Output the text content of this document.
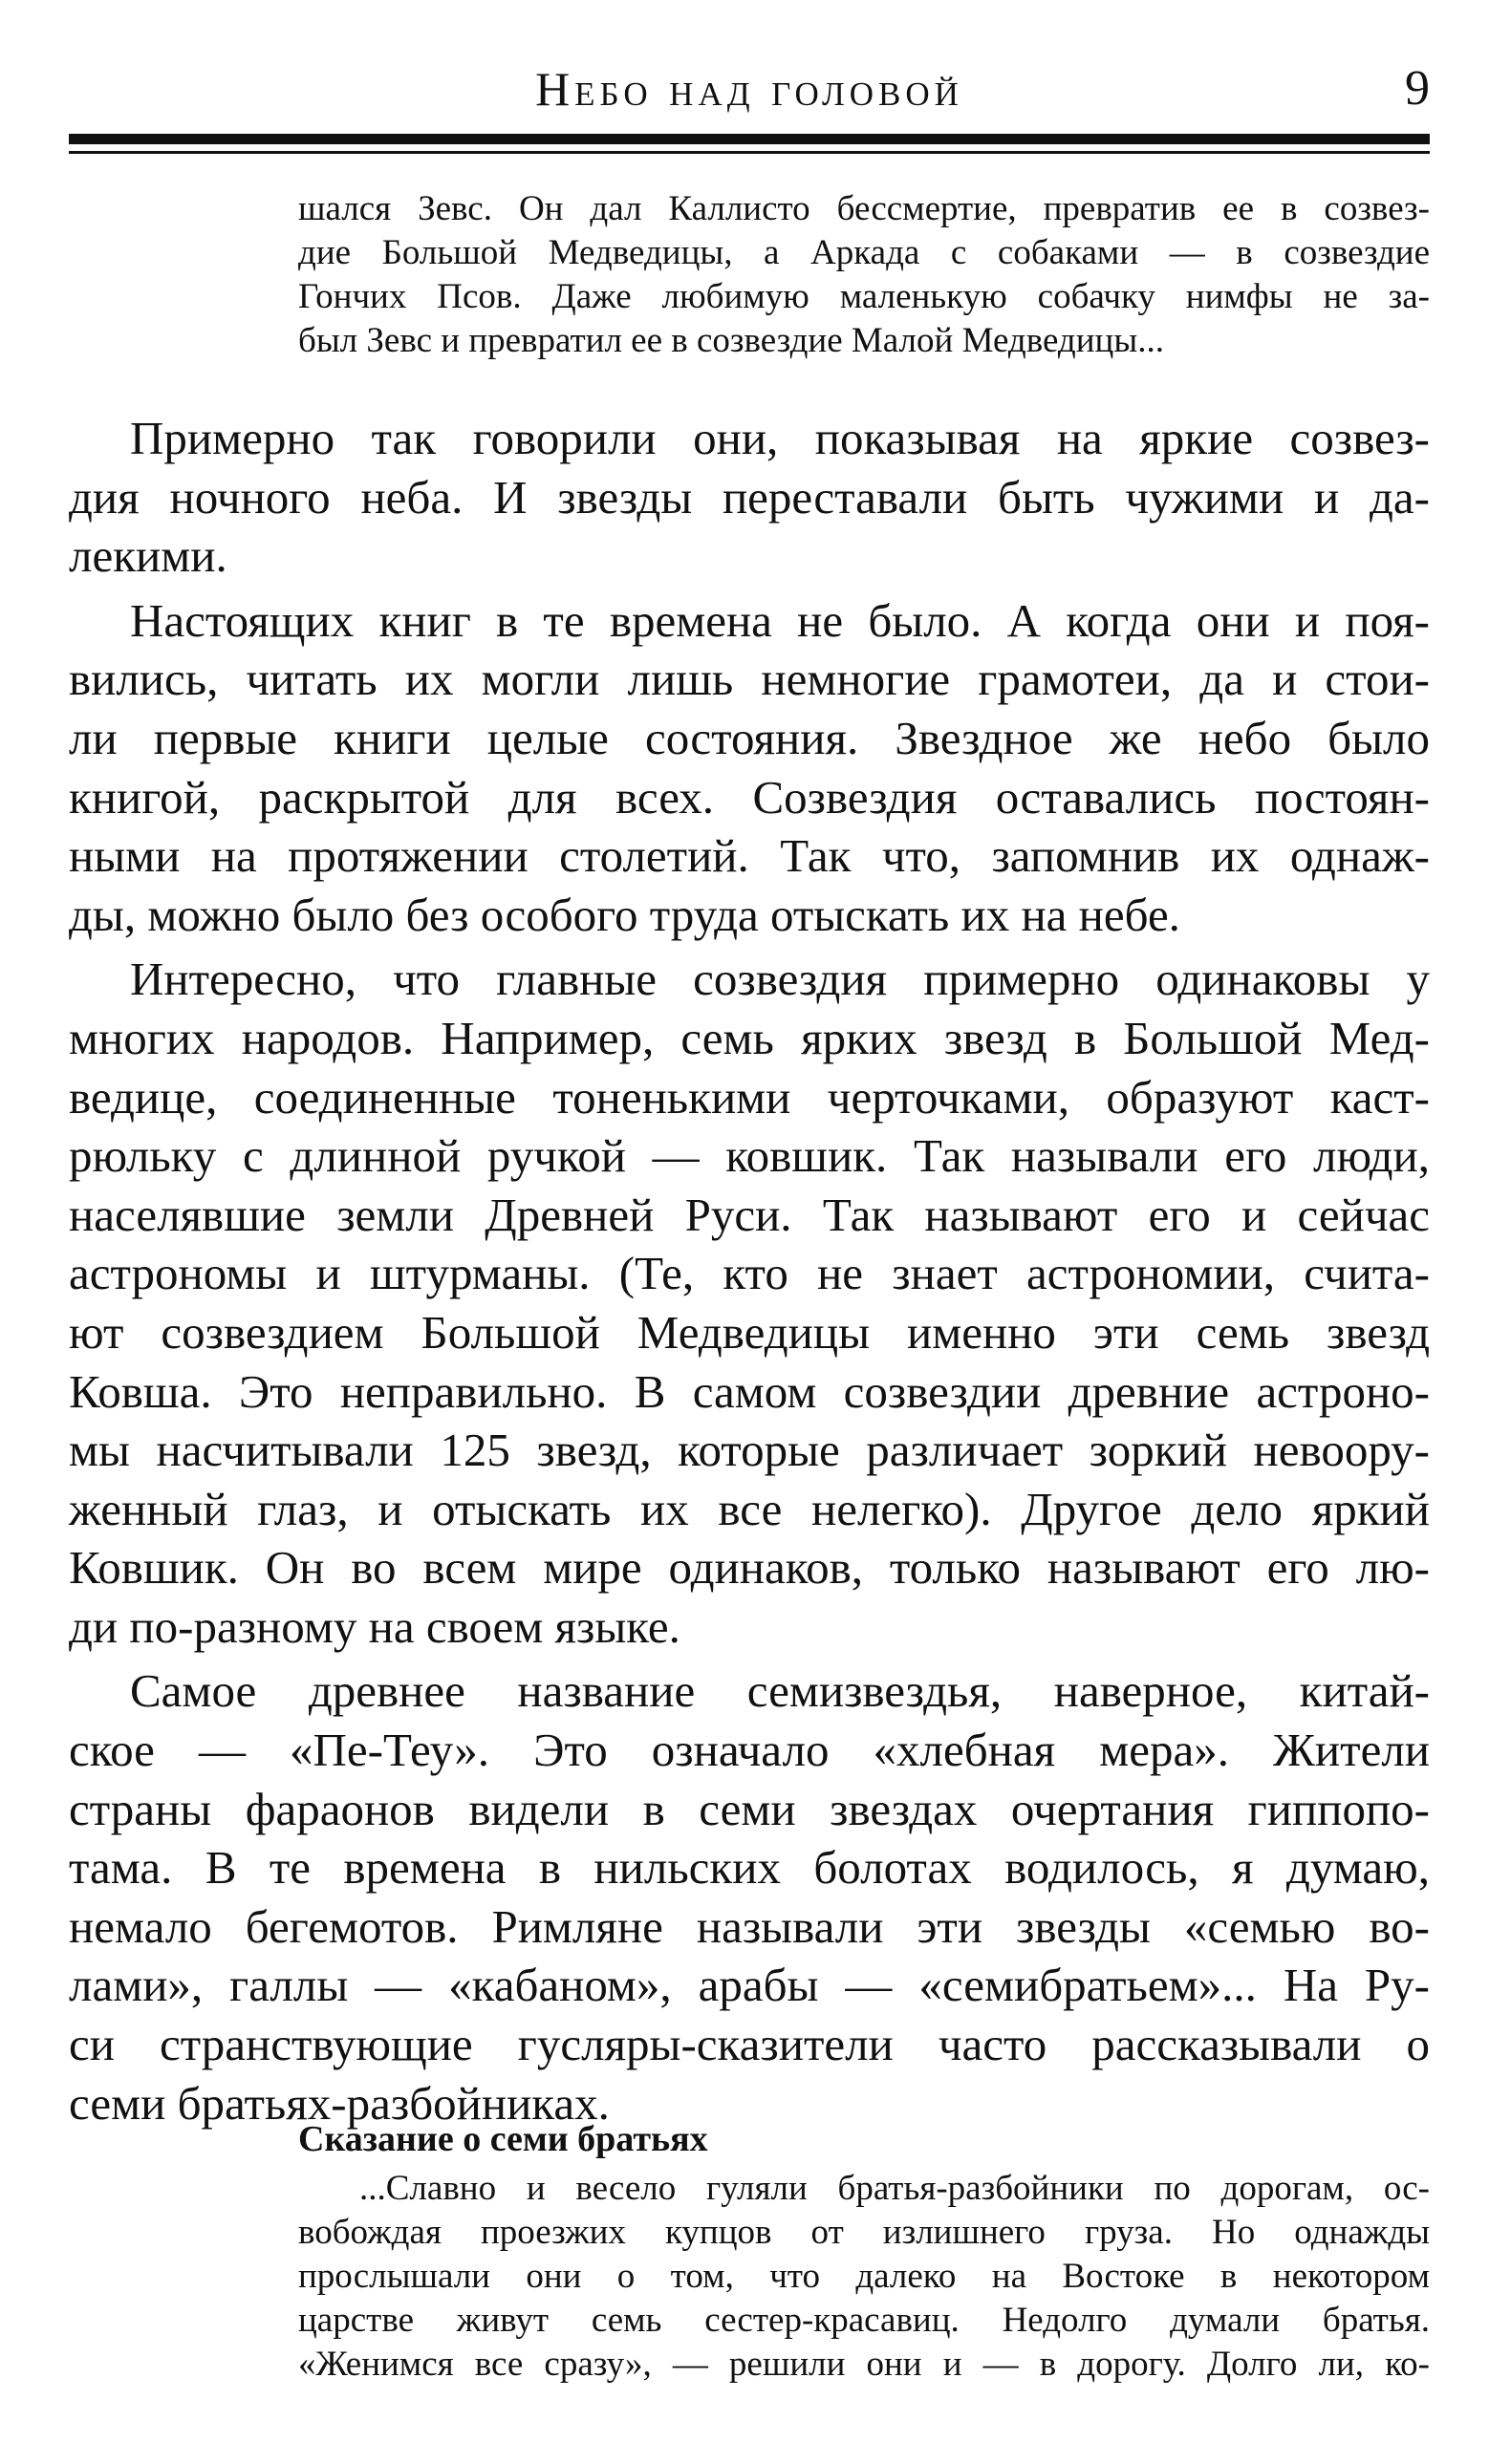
Небо над головой	9
шался Зевс. Он дал Каллисто бессмертие, превратив ее в созвез-
дие Большой Медведицы, а Аркада с собаками — в созвездие
Гончих Псов. Даже любимую маленькую собачку нимфы не за-
был Зевс и превратил ее в созвездие Малой Медведицы...
Примерно так говорили они, показывая на яркие созвез-
дия ночного неба. И звезды переставали быть чужими и да-
лекими.
Настоящих книг в те времена не было. А когда они и поя-
вились, читать их могли лишь немногие грамотеи, да и стои-
ли первые книги целые состояния. Звездное же небо было
книгой, раскрытой для всех. Созвездия оставались постоян-
ными на протяжении столетий. Так что, запомнив их однаж-
ды, можно было без особого труда отыскать их на небе.
Интересно, что главные созвездия примерно одинаковы у
многих народов. Например, семь ярких звезд в Большой Мед-
ведице, соединенные тоненькими черточками, образуют каст-
рюльку с длинной ручкой — ковшик. Так называли его люди,
населявшие земли Древней Руси. Так называют его и сейчас
астрономы и штурманы. (Те, кто не знает астрономии, счита-
ют созвездием Большой Медведицы именно эти семь звезд
Ковша. Это неправильно. В самом созвездии древние астроно-
мы насчитывали 125 звезд, которые различает зоркий невоору-
женный глаз, и отыскать их все нелегко). Другое дело яркий
Ковшик. Он во всем мире одинаков, только называют его лю-
ди по-разному на своем языке.
Самое древнее название семизвездья, наверное, китай-
ское — «Пе-Теу». Это означало «хлебная мера». Жители
страны фараонов видели в семи звездах очертания гиппопо-
тама. В те времена в нильских болотах водилось, я думаю,
немало бегемотов. Римляне называли эти звезды «семью во-
лами», галлы — «кабаном», арабы — «семибратьем»... На Ру-
си странствующие гусляры-сказители часто рассказывали о
семи братьях-разбойниках.
Сказание о семи братьях
...Славно и весело гуляли братья-разбойники по дорогам, ос-
вобождая проезжих купцов от излишнего груза. Но однажды
прослышали они о том, что далеко на Востоке в некотором
царстве живут семь сестер-красавиц. Недолго думали братья.
«Женимся все сразу», — решили они и — в дорогу. Долго ли, ко-
